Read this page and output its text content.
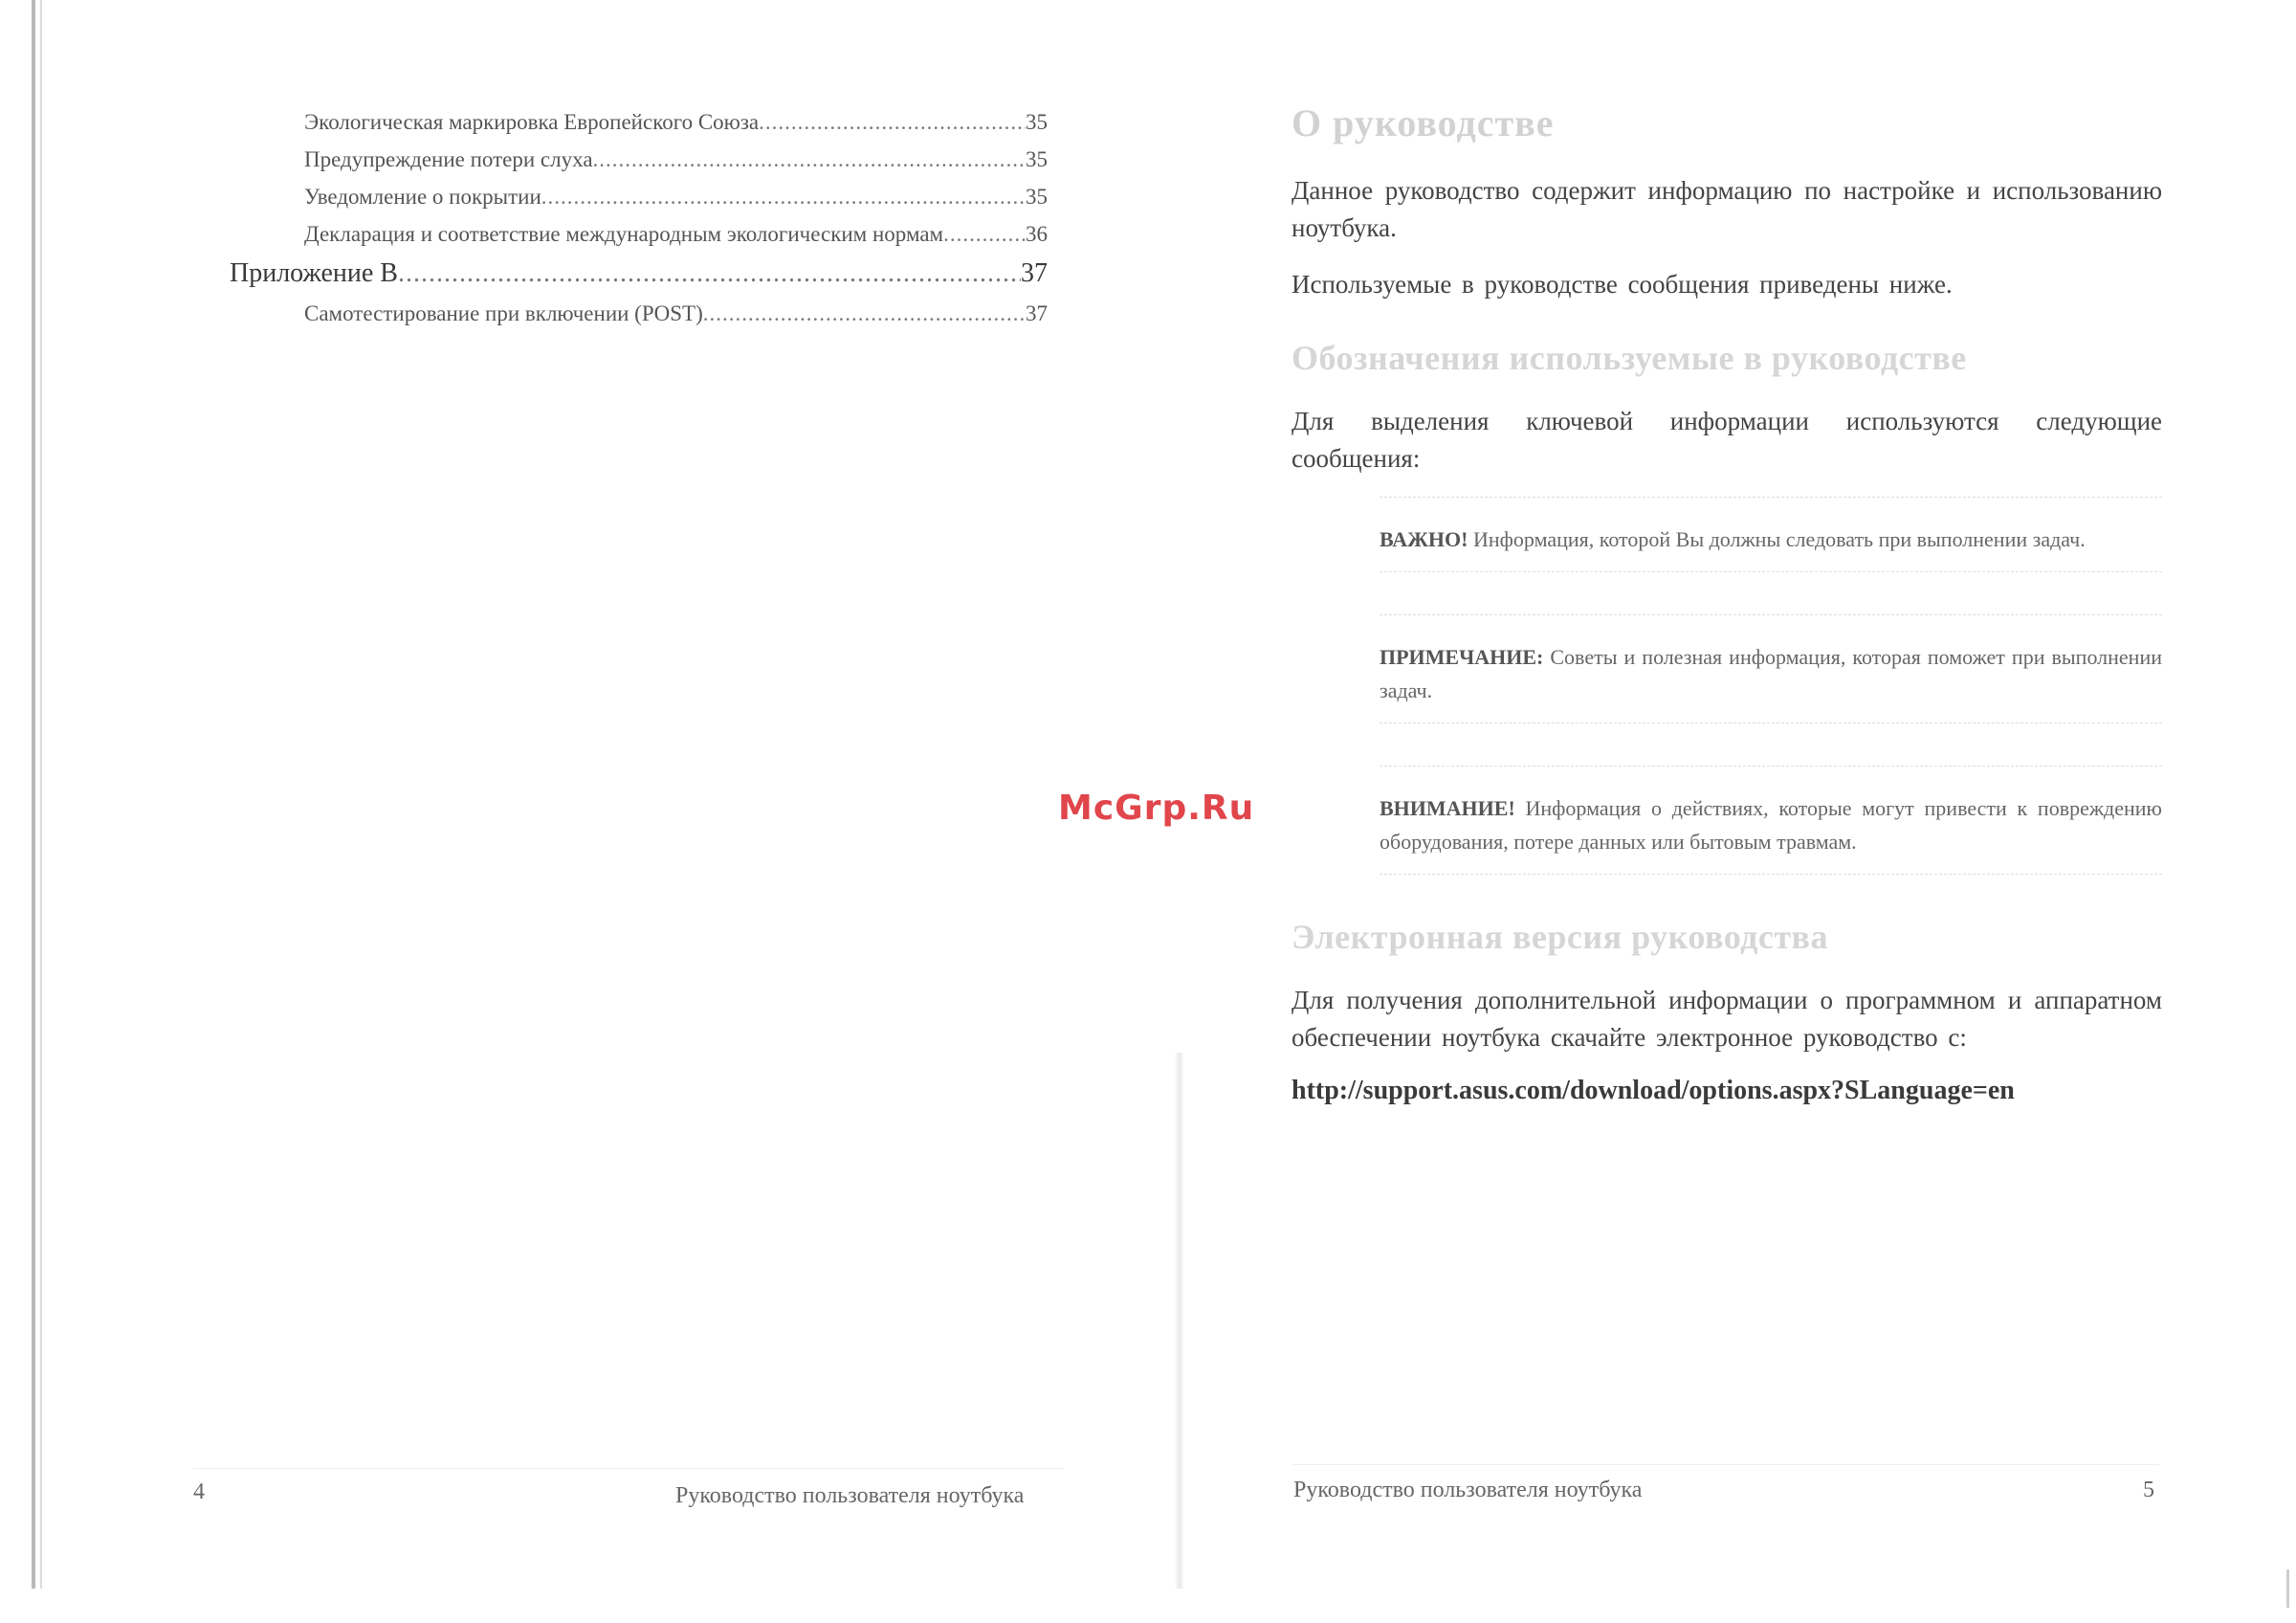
Экологическая маркировка Европейского Союза .....	35
Предупреждение потери слуха .....	35
Уведомление о покрытии .....	35
Декларация и соответствие международным экологическим нормам .....	36
Приложение B .....	37
Самотестирование при включении (POST) .....	37
4	Руководство пользователя ноутбука
McGrp.Ru
О руководстве

Данное руководство содержит информацию по настройке и использованию ноутбука.

Используемые в руководстве сообщения приведены ниже.

Обозначения используемые в руководстве

Для выделения ключевой информации используются следующие сообщения:

ВАЖНО! Информация, которой Вы должны следовать при выполнении задач.
ПРИМЕЧАНИЕ: Советы и полезная информация, которая поможет при выполнении задач.
ВНИМАНИЕ! Информация о действиях, которые могут привести к повреждению оборудования, потере данных или бытовым травмам.
Электронная версия руководства

Для получения дополнительной информации о программном и аппаратном обеспечении ноутбука скачайте электронное руководство с:

http://support.asus.com/download/options.aspx?SLanguage=en
Руководство пользователя ноутбука	5
